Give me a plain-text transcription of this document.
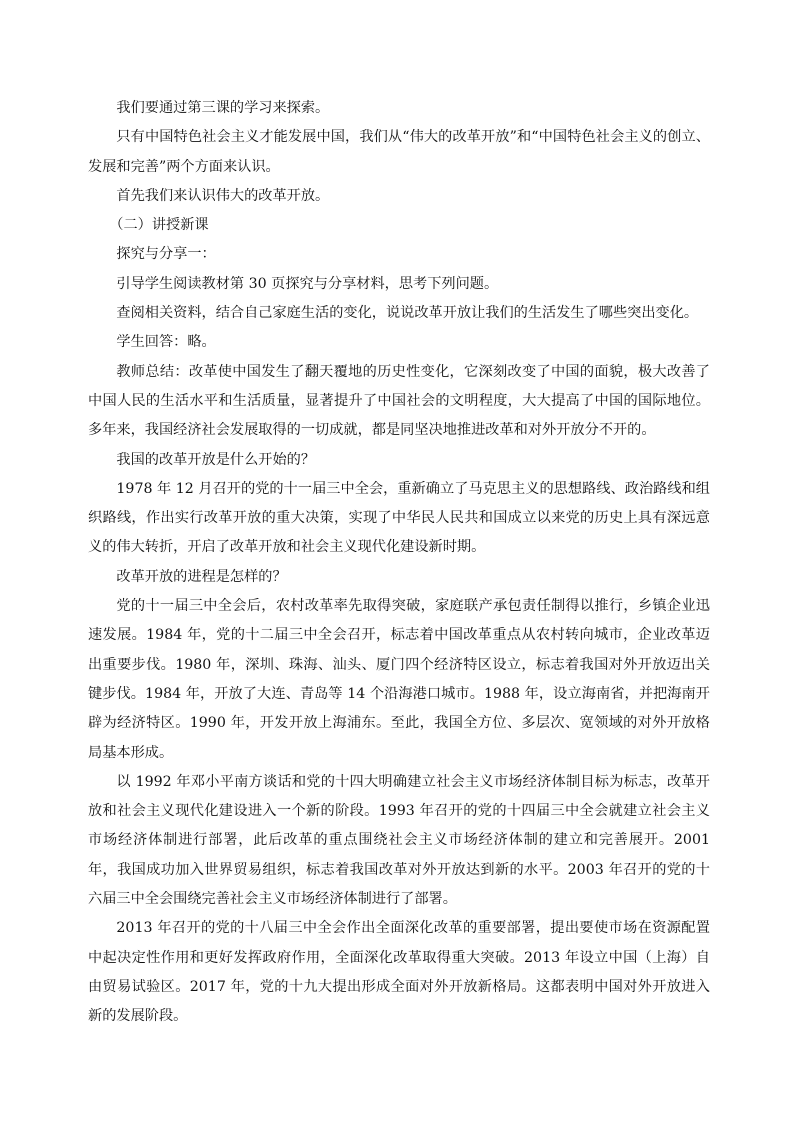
我们要通过第三课的学习来探索。

只有中国特色社会主义才能发展中国，我们从“伟大的改革开放”和“中国特色社会主义的创立、发展和完善”两个方面来认识。

首先我们来认识伟大的改革开放。

（二）讲授新课

探究与分享一：

引导学生阅读教材第 30 页探究与分享材料，思考下列问题。

查阅相关资料，结合自己家庭生活的变化，说说改革开放让我们的生活发生了哪些突出变化。

学生回答：略。

教师总结：改革使中国发生了翻天覆地的历史性变化，它深刻改变了中国的面貌，极大改善了中国人民的生活水平和生活质量，显著提升了中国社会的文明程度，大大提高了中国的国际地位。多年来，我国经济社会发展取得的一切成就，都是同坚决地推进改革和对外开放分不开的。

我国的改革开放是什么开始的？

1978 年 12 月召开的党的十一届三中全会，重新确立了马克思主义的思想路线、政治路线和组织路线，作出实行改革开放的重大决策，实现了中华民人民共和国成立以来党的历史上具有深远意义的伟大转折，开启了改革开放和社会主义现代化建设新时期。

改革开放的进程是怎样的？

党的十一届三中全会后，农村改革率先取得突破，家庭联产承包责任制得以推行，乡镇企业迅速发展。1984 年，党的十二届三中全会召开，标志着中国改革重点从农村转向城市，企业改革迈出重要步伐。1980 年，深圳、珠海、汕头、厦门四个经济特区设立，标志着我国对外开放迈出关键步伐。1984 年，开放了大连、青岛等 14 个沿海港口城市。1988 年，设立海南省，并把海南开辟为经济特区。1990 年，开发开放上海浦东。至此，我国全方位、多层次、宽领域的对外开放格局基本形成。

以 1992 年邓小平南方谈话和党的十四大明确建立社会主义市场经济体制目标为标志，改革开放和社会主义现代化建设进入一个新的阶段。1993 年召开的党的十四届三中全会就建立社会主义市场经济体制进行部署，此后改革的重点围绕社会主义市场经济体制的建立和完善展开。2001 年，我国成功加入世界贸易组织，标志着我国改革对外开放达到新的水平。2003 年召开的党的十六届三中全会围绕完善社会主义市场经济体制进行了部署。

2013 年召开的党的十八届三中全会作出全面深化改革的重要部署，提出要使市场在资源配置中起决定性作用和更好发挥政府作用，全面深化改革取得重大突破。2013 年设立中国（上海）自由贸易试验区。2017 年，党的十九大提出形成全面对外开放新格局。这都表明中国对外开放进入新的发展阶段。
